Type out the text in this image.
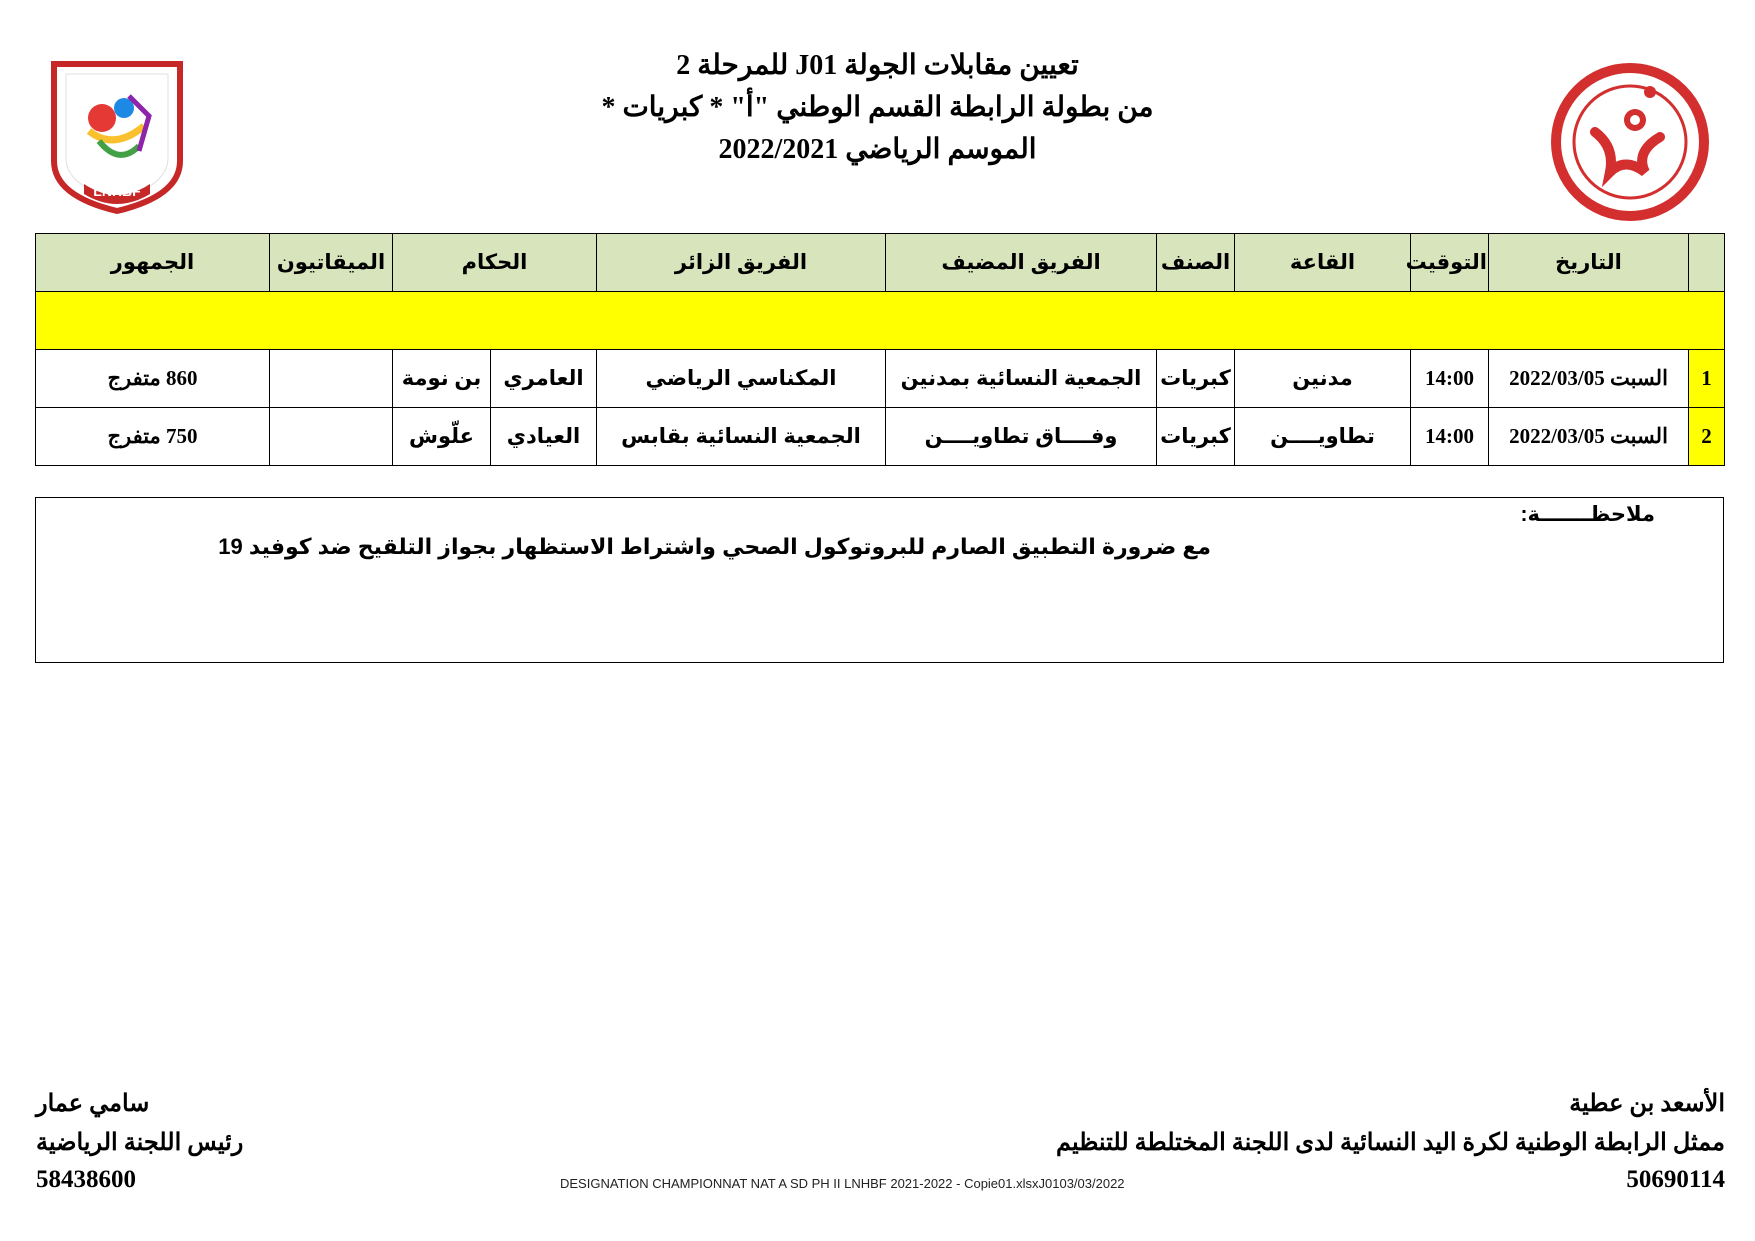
تعيين مقابلات الجولة J01 للمرحلة 2
من بطولة الرابطة القسم الوطني "أ" * كبريات *
الموسم الرياضي 2022/2021
LNHBF
	التاريخ	التوقيت	القاعة	الصنف	الفريق المضيف	الفريق الزائر	الحكام		الميقاتيون	الجمهور

1	السبت 2022/03/05	14:00	مدنين	كبريات	الجمعية النسائية بمدنين	المكناسي الرياضي	العامري	بن نومة		860 متفرج
2	السبت 2022/03/05	14:00	تطاويــــن	كبريات	وفــــاق تطاويــــن	الجمعية النسائية بقابس	العيادي	علّوش		750 متفرج
ملاحظـــــــة:
مع ضرورة التطبيق الصارم للبروتوكول الصحي واشتراط الاستظهار بجواز التلقيح ضد كوفيد 19
الأسعد بن عطية
ممثل الرابطة الوطنية لكرة اليد النسائية لدى اللجنة المختلطة للتنظيم
50690114
سامي عمار
رئيس اللجنة الرياضية
58438600	DESIGNATION CHAMPIONNAT NAT A SD PH II LNHBF 2021-2022 - Copie01.xlsxJ0103/03/2022
